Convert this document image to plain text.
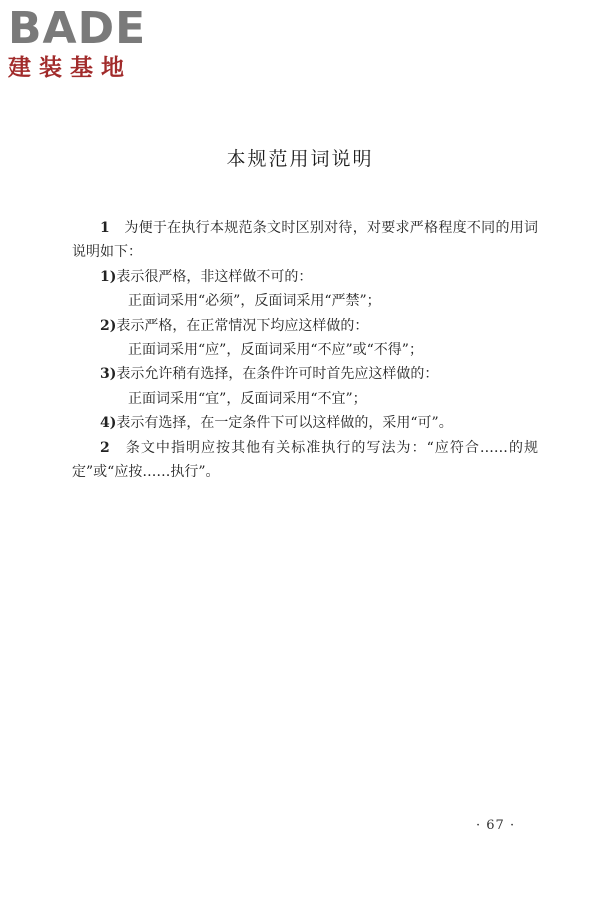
BADE
建装基地
本规范用词说明

1　 为便于在执行本规范条文时区别对待，对要求严格程度不同的用词说明如下：

1)表示很严格，非这样做不可的：

正面词采用“必须”，反面词采用“严禁”；

2)表示严格，在正常情况下均应这样做的：

正面词采用“应”，反面词采用“不应”或“不得”；

3)表示允许稍有选择，在条件许可时首先应这样做的：

正面词采用“宜”，反面词采用“不宜”；

4)表示有选择，在一定条件下可以这样做的，采用“可”。

2　 条文中指明应按其他有关标准执行的写法为：“应符合……的规定”或“应按……执行”。

· 67 ·
